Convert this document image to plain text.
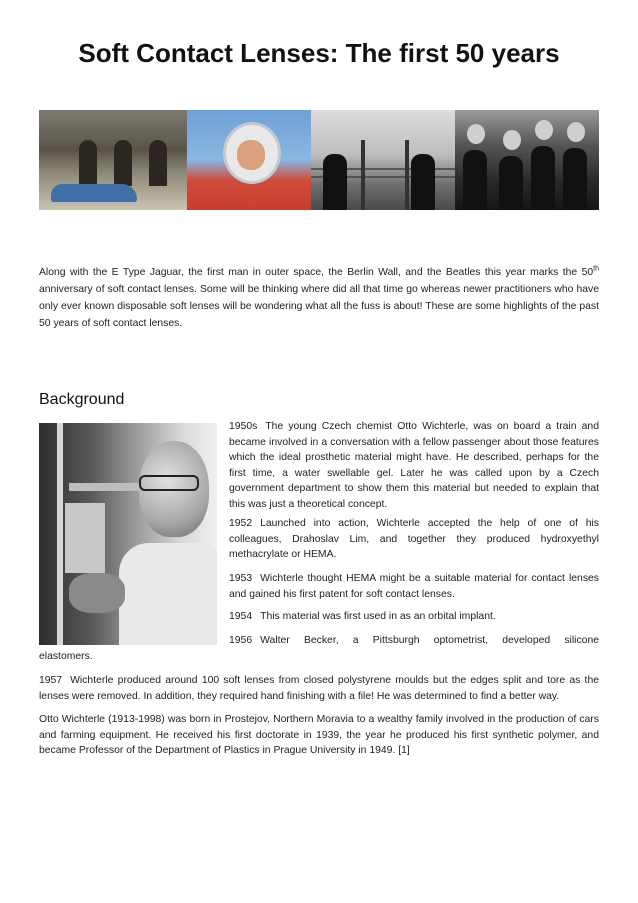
Soft Contact Lenses: The first 50 years

Along with the E Type Jaguar, the first man in outer space, the Berlin Wall, and the Beatles this year marks the 50th anniversary of soft contact lenses. Some will be thinking where did all that time go whereas newer practitioners who have only ever known disposable soft lenses will be wondering what all the fuss is about! These are some highlights of the past 50 years of soft contact lenses.

Background

1950s The young Czech chemist Otto Wichterle, was on board a train and became involved in a conversation with a fellow passenger about those features which the ideal prosthetic material might have. He described, perhaps for the first time, a water swellable gel. Later he was called upon by a Czech government department to show them this material but needed to explain that this was just a theoretical concept.

1952 Launched into action, Wichterle accepted the help of one of his colleagues, Drahoslav Lim, and together they produced hydroxyethyl methacrylate or HEMA.

1953 Wichterle thought HEMA might be a suitable material for contact lenses and gained his first patent for soft contact lenses.

1954 This material was first used in as an orbital implant.

1956 Walter Becker, a Pittsburgh optometrist, developed silicone

elastomers.

1957 Wichterle produced around 100 soft lenses from closed polystyrene moulds but the edges split and tore as the lenses were removed. In addition, they required hand finishing with a file! He was determined to find a better way.

Otto Wichterle (1913-1998) was born in Prostejov, Northern Moravia to a wealthy family involved in the production of cars and farming equipment. He received his first doctorate in 1939, the year he produced his first synthetic polymer, and became Professor of the Department of Plastics in Prague University in 1949. [1]
